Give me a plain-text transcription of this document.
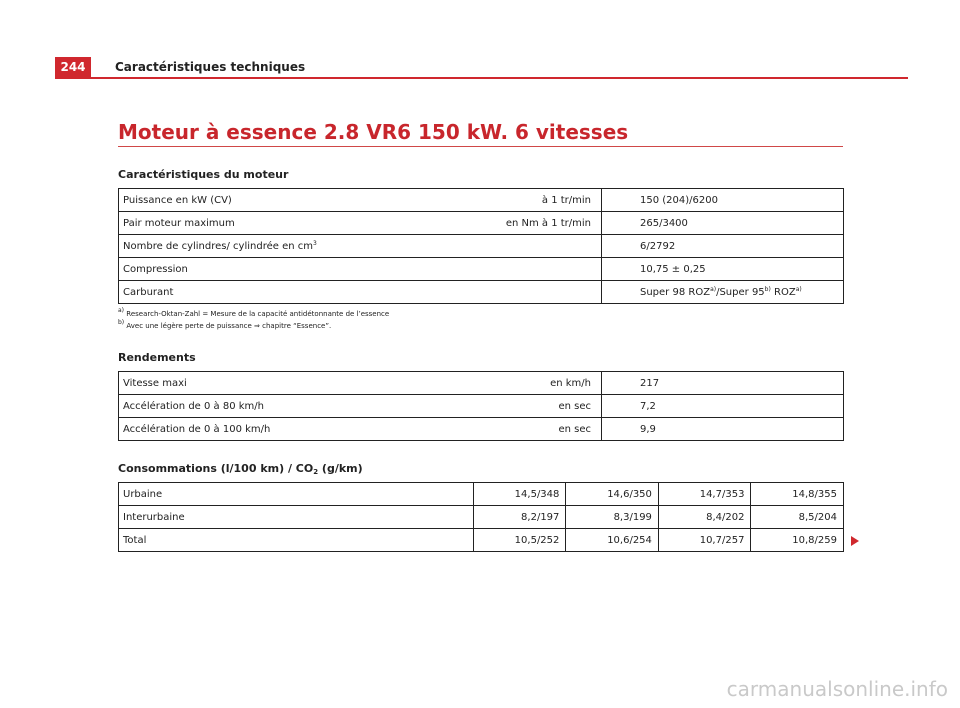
244	Caractéristiques techniques
Moteur à essence 2.8 VR6 150 kW. 6 vitesses
Caractéristiques du moteur
Puissance en kW (CV)	à 1 tr/min	150 (204)/6200
Pair moteur maximum	en Nm à 1 tr/min	265/3400
Nombre de cylindres/ cylindrée en $cm^3$		6/2792
Compression		10,75 ± 0,25
Carburant		Super 98 ROZ$^{a)}$/Super 95$^{b)}$ ROZ$^{a)}$
$^{a)}$ Research-Oktan-Zahl = Mesure de la capacité antidétonnante de l’essence
$^{b)}$ Avec une légère perte de puissance ⇒ chapitre “Essence”.
Rendements
Vitesse maxi	en km/h	217
Accélération de 0 à 80 km/h	en sec	7,2
Accélération de 0 à 100 km/h	en sec	9,9
Consommations (l/100 $km) / CO_2$ (g/km)
Urbaine	14,5/348	14,6/350	14,7/353	14,8/355
Interurbaine	8,2/197	8,3/199	8,4/202	8,5/204
Total	10,5/252	10,6/254	10,7/257	10,8/259
carmanualsonline.info
